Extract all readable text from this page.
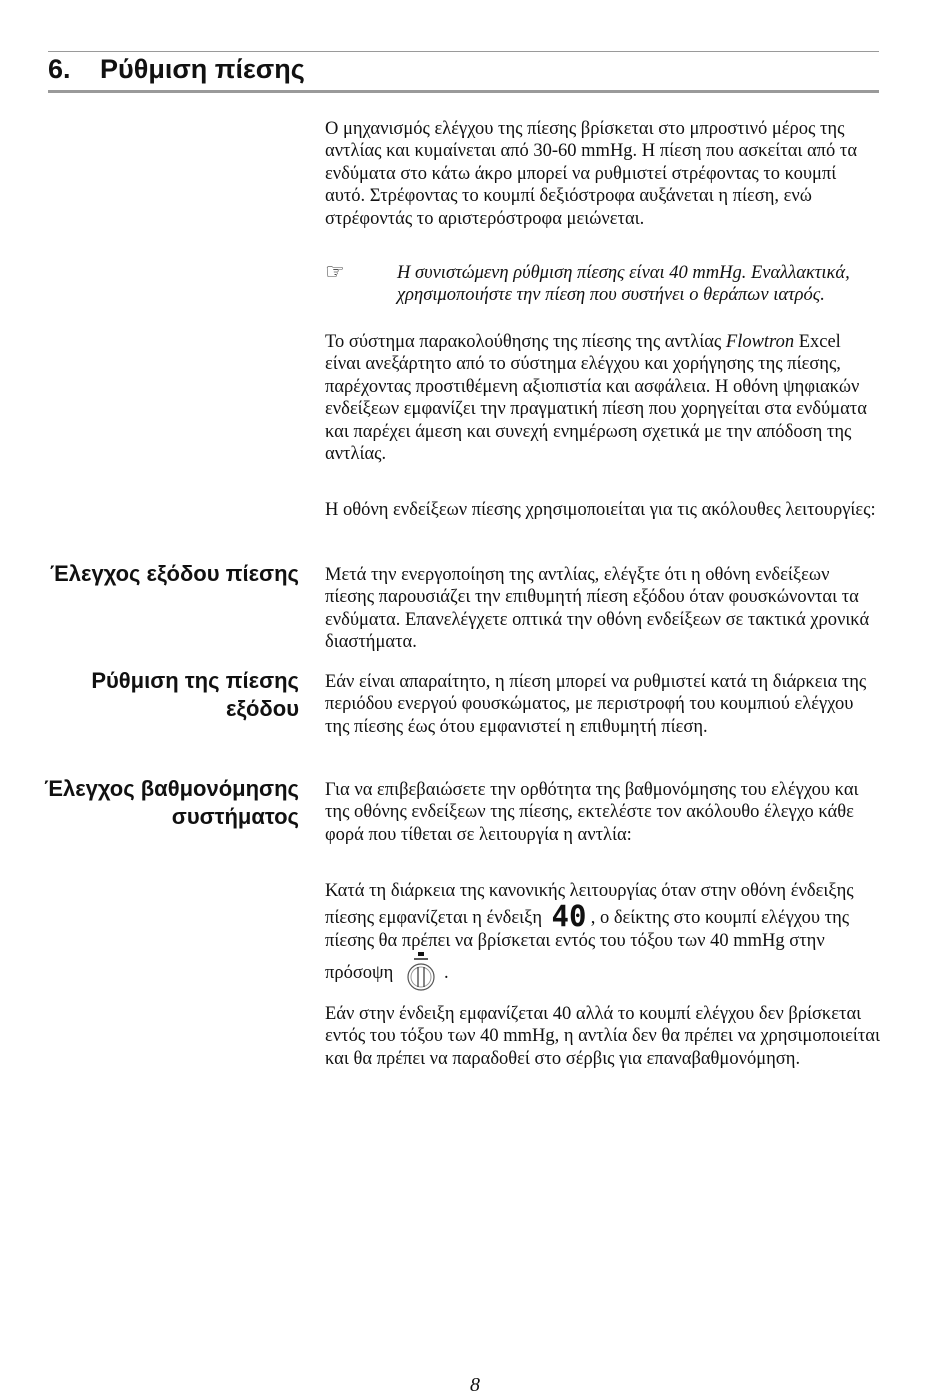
6. Ρύθμιση πίεσης

Ο μηχανισμός ελέγχου της πίεσης βρίσκεται στο μπροστινό μέρος της αντλίας και κυμαίνεται από 30-60 mmHg. Η πίεση που ασκείται από τα ενδύματα στο κάτω άκρο μπορεί να ρυθμιστεί στρέφοντας το κουμπί αυτό. Στρέφοντας το κουμπί δεξιόστροφα αυξάνεται η πίεση, ενώ στρέφοντάς το αριστερόστροφα μειώνεται.

☞	Η συνιστώμενη ρύθμιση πίεσης είναι 40 mmHg. Εναλλακτικά, χρησιμοποιήστε την πίεση που συστήνει ο θεράπων ιατρός.

Το σύστημα παρακολούθησης της πίεσης της αντλίας Flowtron Excel είναι ανεξάρτητο από το σύστημα ελέγχου και χορήγησης της πίεσης, παρέχοντας προστιθέμενη αξιοπιστία και ασφάλεια. Η οθόνη ψηφιακών ενδείξεων εμφανίζει την πραγματική πίεση που χορηγείται στα ενδύματα και παρέχει άμεση και συνεχή ενημέρωση σχετικά με την απόδοση της αντλίας.

Η οθόνη ενδείξεων πίεσης χρησιμοποιείται για τις ακόλουθες λειτουργίες:

Έλεγχος εξόδου πίεσης Μετά την ενεργοποίηση της αντλίας, ελέγξτε ότι η οθόνη ενδείξεων πίεσης παρουσιάζει την επιθυμητή πίεση εξόδου όταν φουσκώνονται τα ενδύματα. Επανελέγχετε οπτικά την οθόνη ενδείξεων σε τακτικά χρονικά διαστήματα.

Ρύθμιση της πίεσης εξόδου

Εάν είναι απαραίτητο, η πίεση μπορεί να ρυθμιστεί κατά τη διάρκεια της περιόδου ενεργού φουσκώματος, με περιστροφή του κουμπιού ελέγχου της πίεσης έως ότου εμφανιστεί η επιθυμητή πίεση.

Έλεγχος βαθμονόμησης συστήματος

Για να επιβεβαιώσετε την ορθότητα της βαθμονόμησης του ελέγχου και της οθόνης ενδείξεων της πίεσης, εκτελέστε τον ακόλουθο έλεγχο κάθε φορά που τίθεται σε λειτουργία η αντλία:

Κατά τη διάρκεια της κανονικής λειτουργίας όταν στην οθόνη ένδειξης πίεσης εμφανίζεται η ένδειξη 40 , ο δείκτης στο κουμπί ελέγχου της πίεσης θα πρέπει να βρίσκεται εντός του τόξου των 40 mmHg στην πρόσοψη .

Εάν στην ένδειξη εμφανίζεται 40 αλλά το κουμπί ελέγχου δεν βρίσκεται εντός του τόξου των 40 mmHg, η αντλία δεν θα πρέπει να χρησιμοποιείται και θα πρέπει να παραδοθεί στο σέρβις για επαναβαθμονόμηση.

8
